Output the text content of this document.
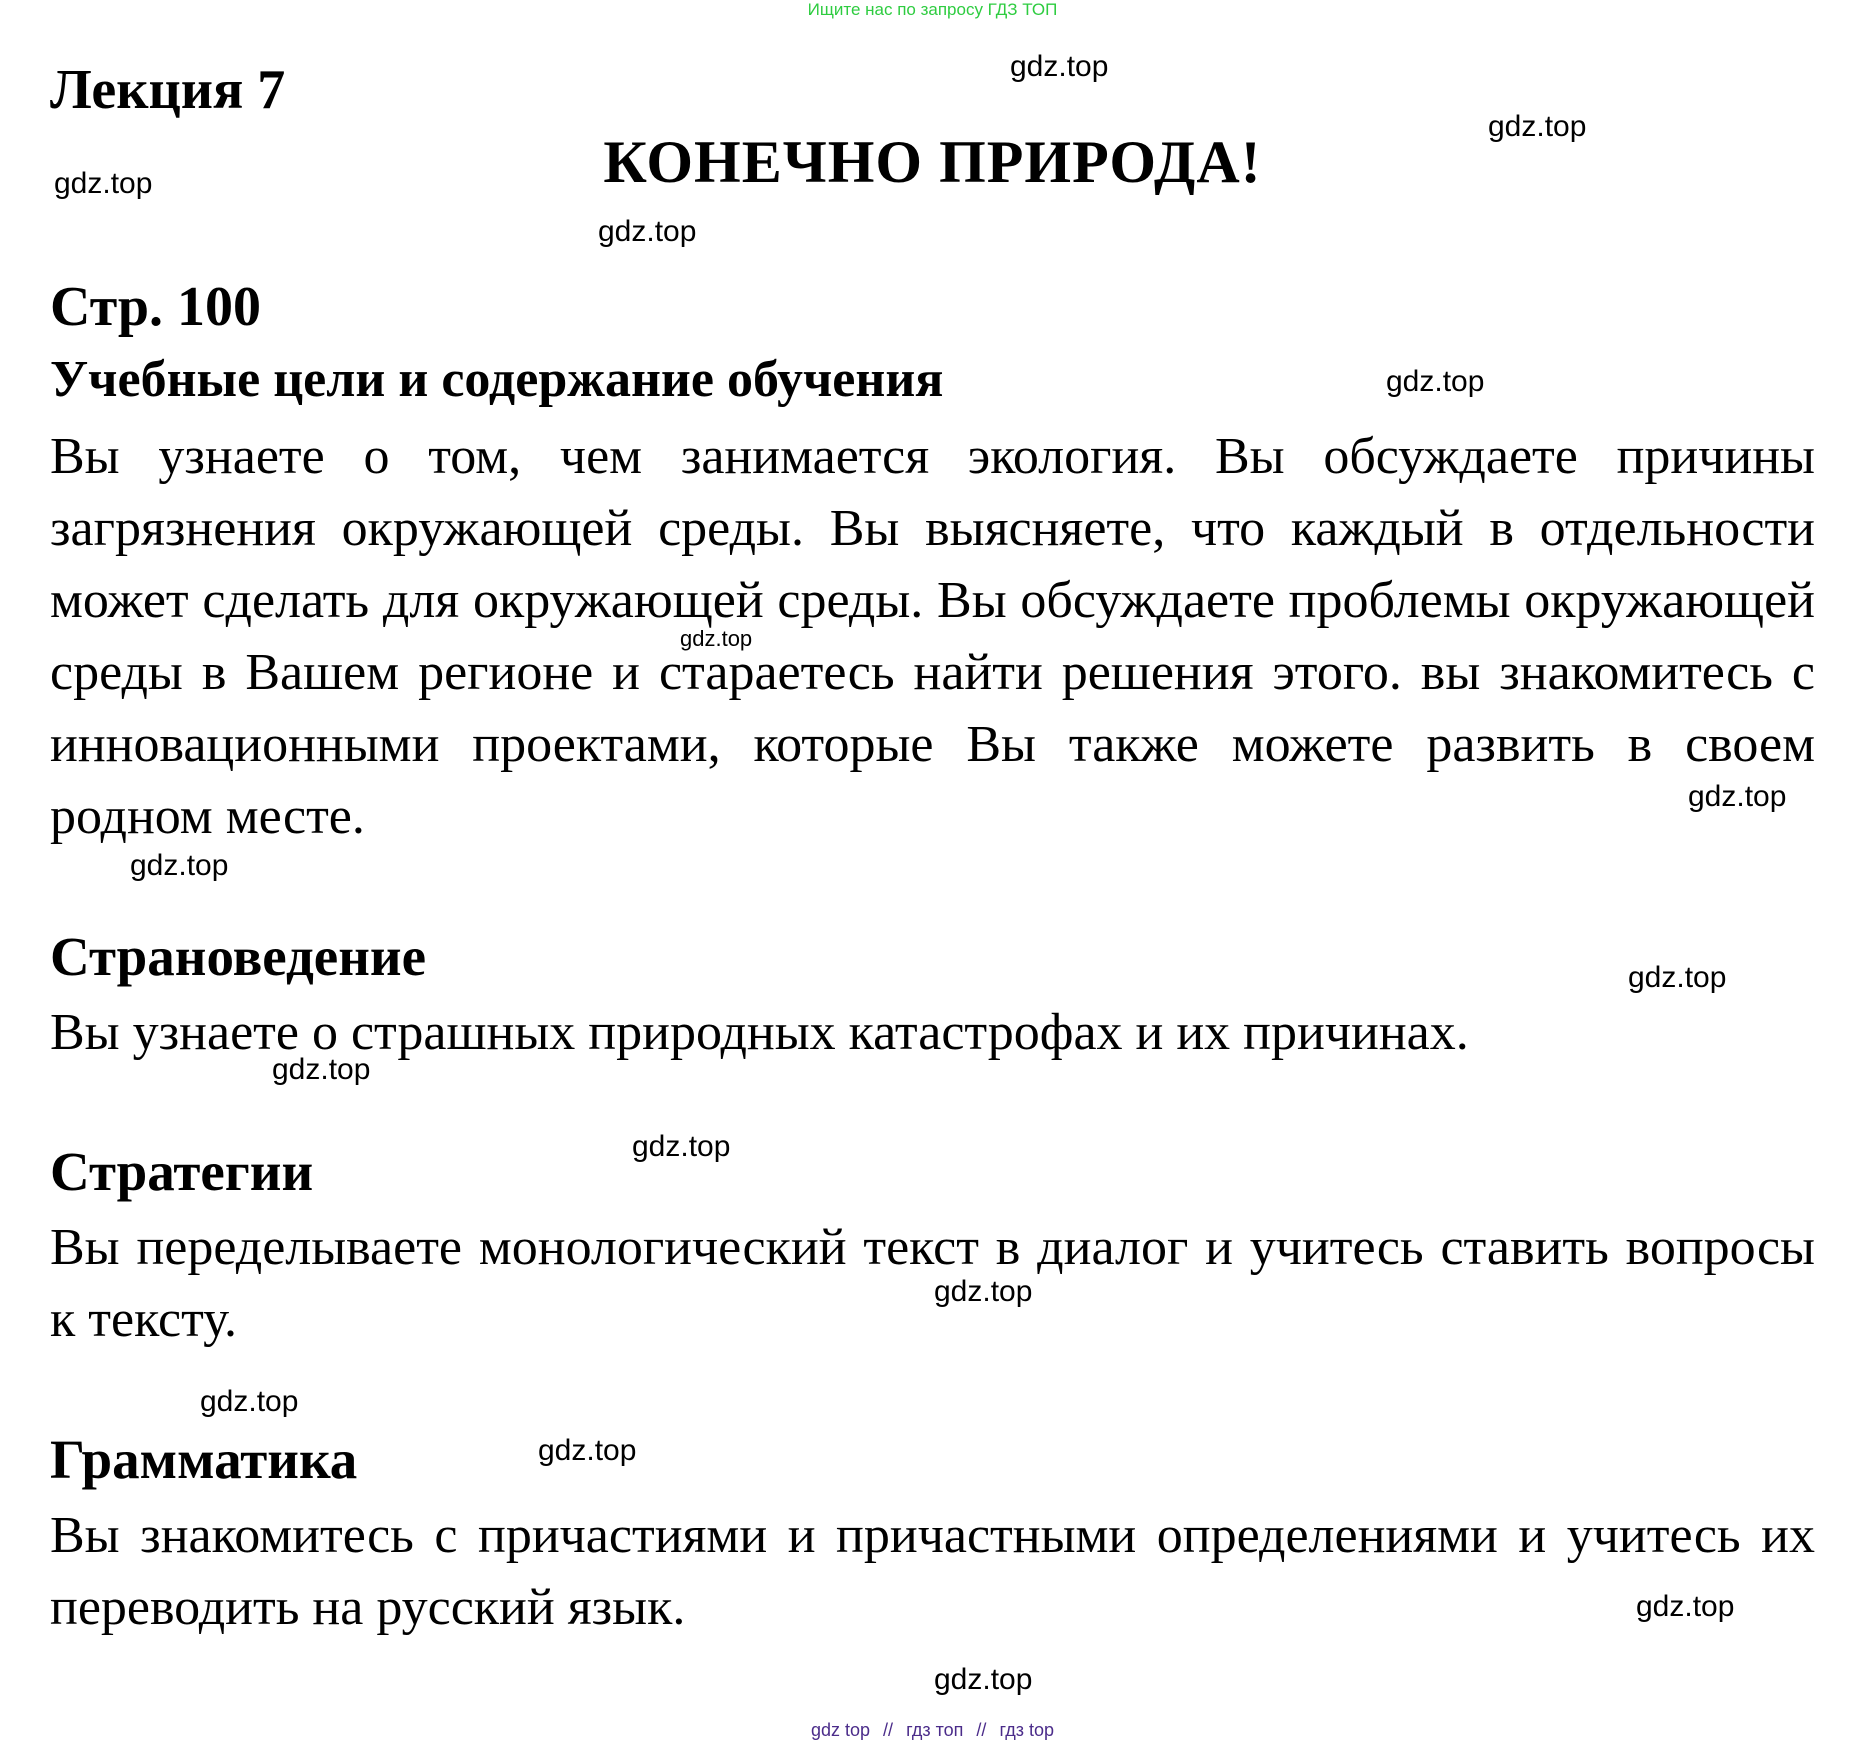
Ищите нас по запросу ГДЗ ТОП

Лекция 7
КОНЕЧНО ПРИРОДА!
Стр. 100
Учебные цели и содержание обучения

Вы узнаете о том, чем занимается экология. Вы обсуждаете причины загрязнения окружающей среды. Вы выясняете, что каждый в отдельности может сделать для окружающей среды. Вы обсуждаете проблемы окружающей среды в Вашем регионе и стараетесь найти решения этого. вы знакомитесь с инновационными проектами, которые Вы также можете развить в своем родном месте.

Страноведение

Вы узнаете о страшных природных катастрофах и их причинах.

Стратегии

Вы переделываете монологический текст в диалог и учитесь ставить вопросы к тексту.

Грамматика

Вы знакомитесь с причастиями и причастными определениями и учитесь их переводить на русский язык.

gdz.top
gdz.top
gdz.top
gdz.top
gdz.top
gdz.top
gdz.top
gdz.top
gdz.top
gdz.top
gdz.top
gdz.top
gdz.top
gdz.top
gdz.top
gdz.top
gdz top // гдз топ // гдз top
